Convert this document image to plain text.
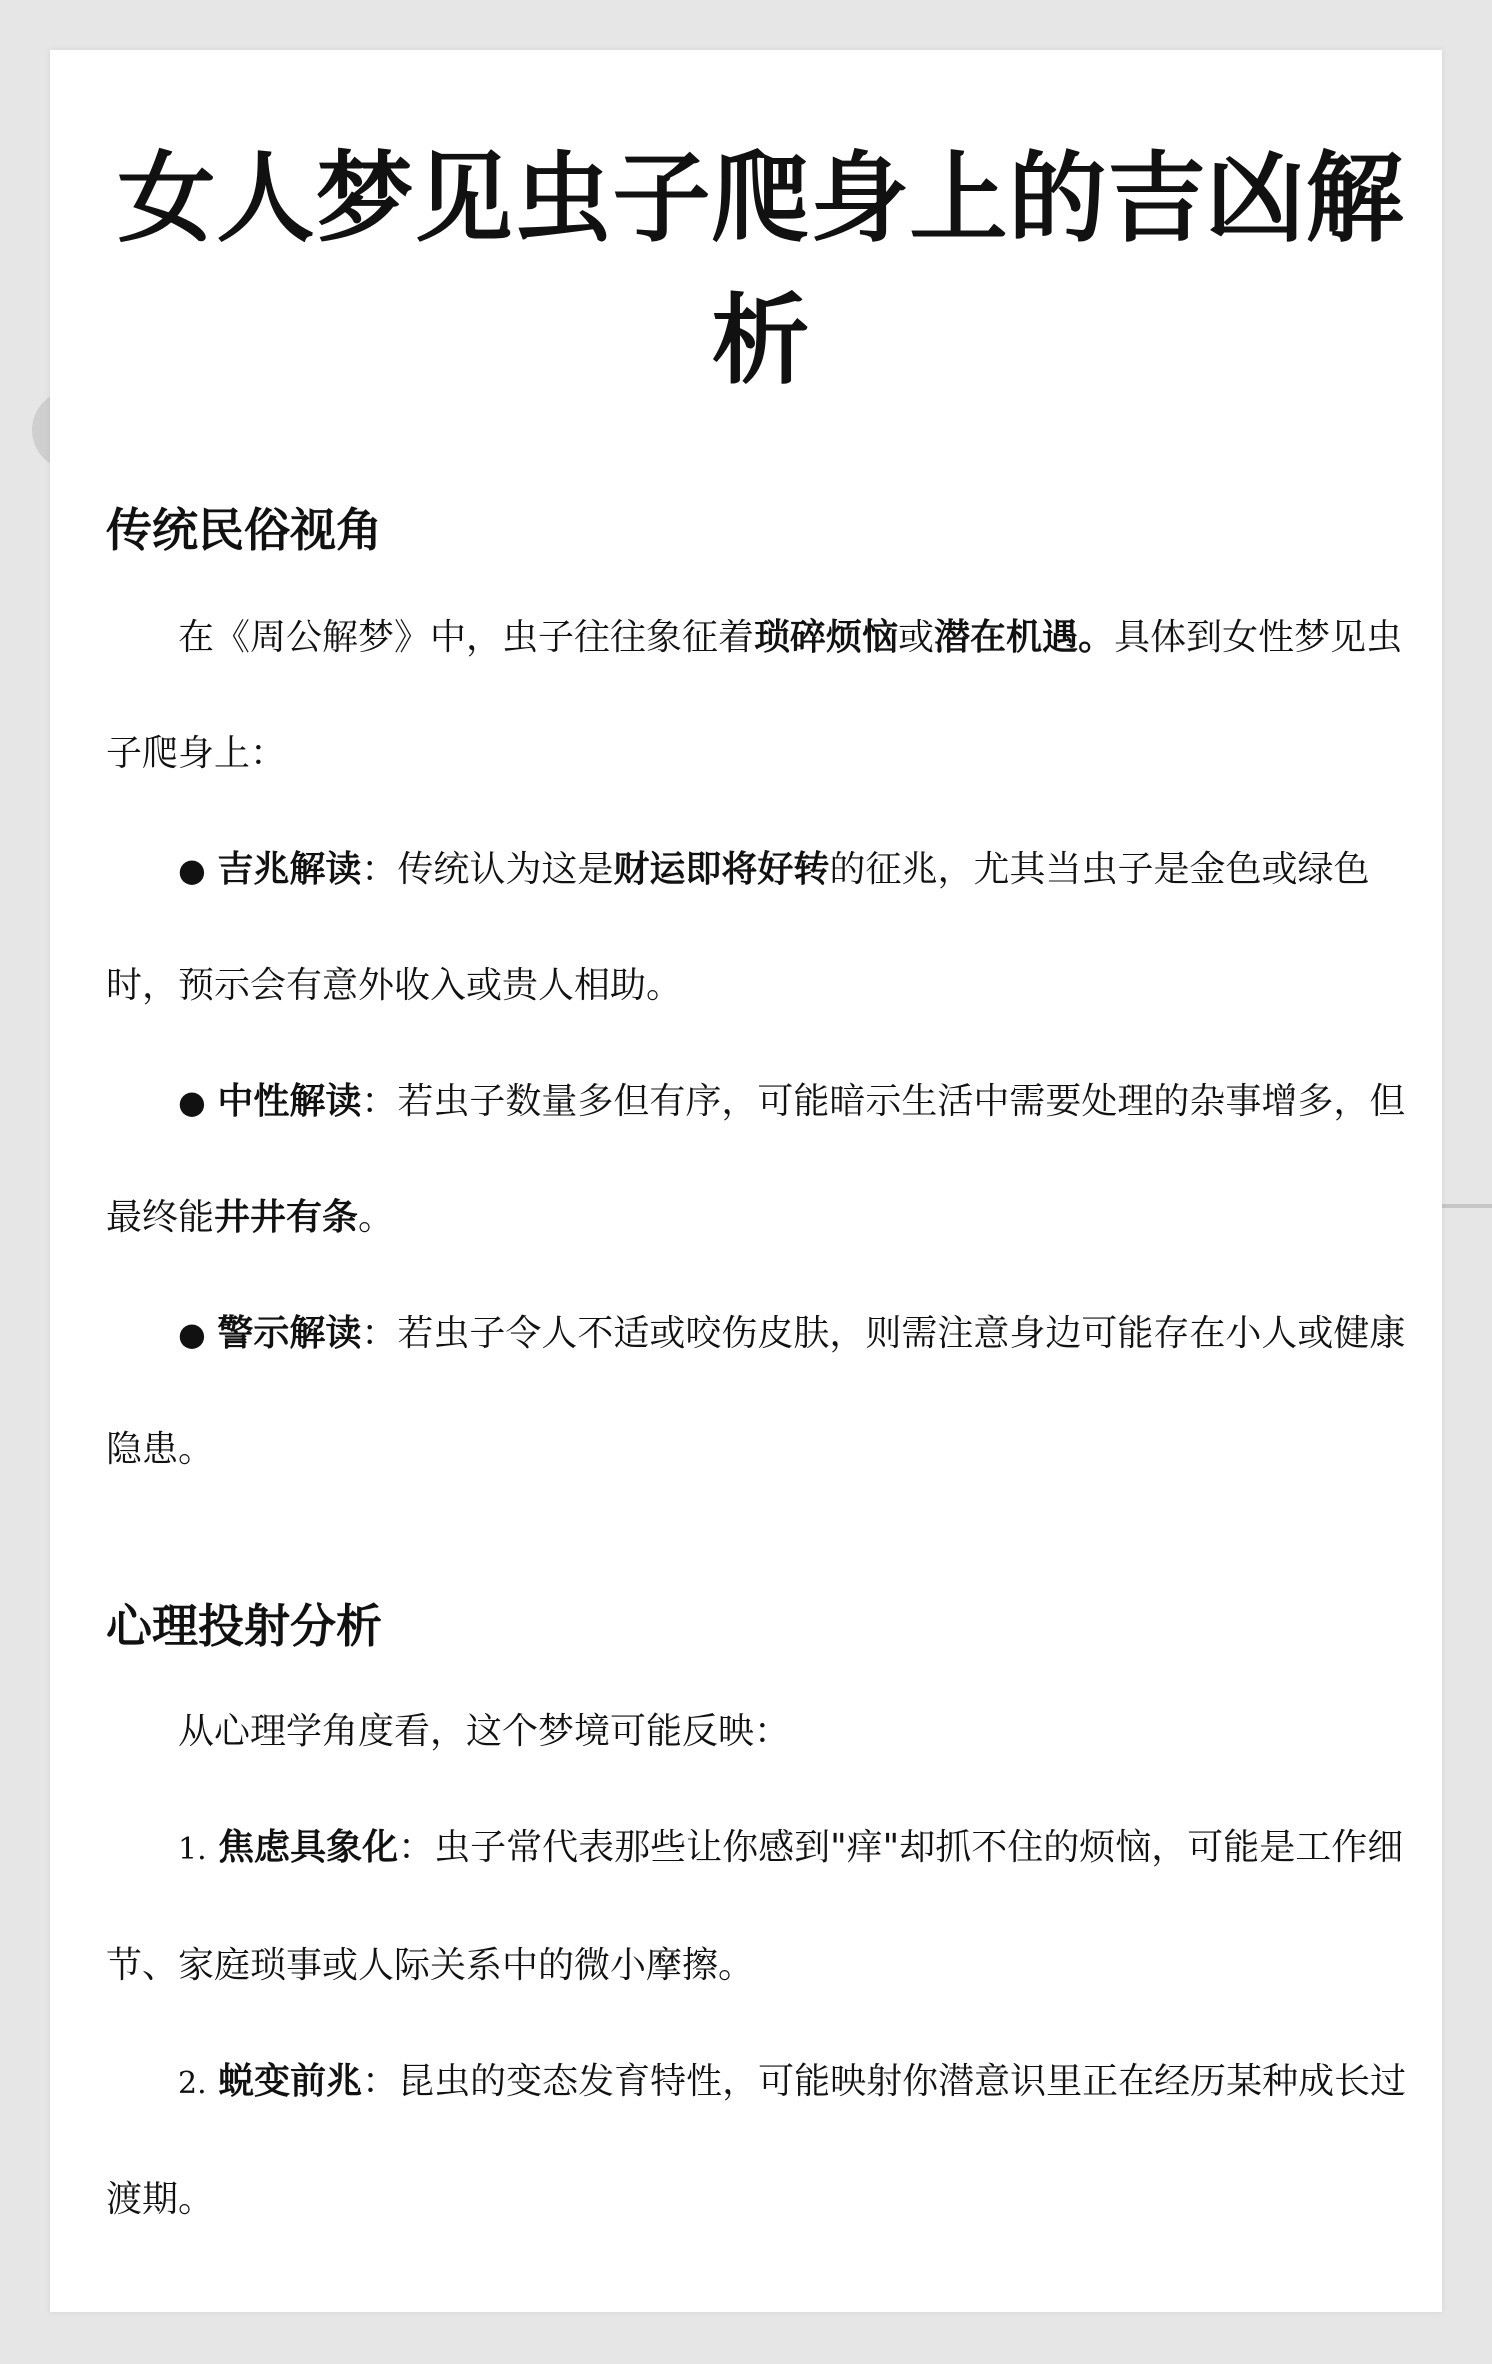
女人梦见虫子爬身上的吉凶解析
传统民俗视角

在《周公解梦》中，虫子往往象征着琐碎烦恼或潜在机遇。具体到女性梦见虫子爬身上：

● 吉兆解读：传统认为这是财运即将好转的征兆，尤其当虫子是金色或绿色时，预示会有意外收入或贵人相助。

● 中性解读：若虫子数量多但有序，可能暗示生活中需要处理的杂事增多，但最终能井井有条。

● 警示解读：若虫子令人不适或咬伤皮肤，则需注意身边可能存在小人或健康隐患。

心理投射分析

从心理学角度看，这个梦境可能反映：

1. 焦虑具象化：虫子常代表那些让你感到"痒"却抓不住的烦恼，可能是工作细节、家庭琐事或人际关系中的微小摩擦。

2. 蜕变前兆：昆虫的变态发育特性，可能映射你潜意识里正在经历某种成长过渡期。
